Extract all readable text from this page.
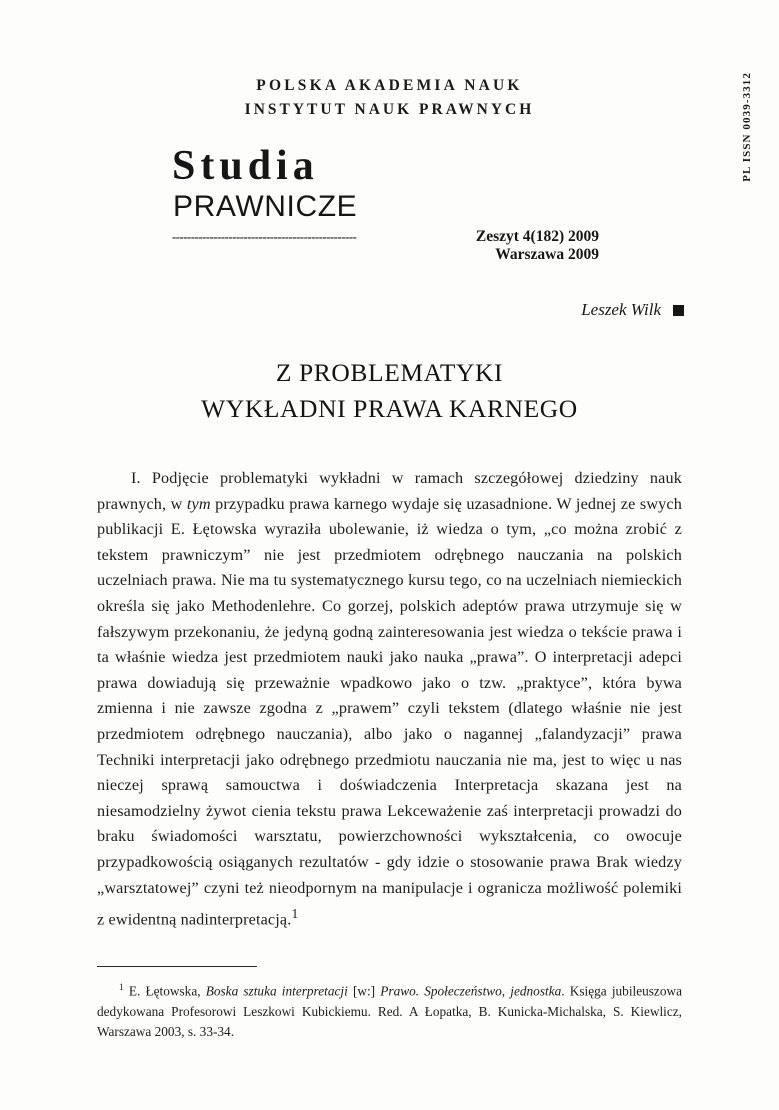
POLSKA AKADEMIA NAUK
INSTYTUT NAUK PRAWNYCH	PL ISSN 0039-3312
Studia
PRAWNICZE
-------------------------------------------------	Zeszyt 4(182) 2009
Warszawa 2009
Leszek Wilk
Z PROBLEMATYKI
WYKŁADNI PRAWA KARNEGO

I. Podjęcie problematyki wykładni w ramach szczegółowej dziedziny nauk prawnych, w tym przypadku prawa karnego wydaje się uzasadnione. W jednej ze swych publikacji E. Łętowska wyraziła ubolewanie, iż wiedza o tym, „co można zrobić z tekstem prawniczym” nie jest przedmiotem odrębnego nauczania na polskich uczelniach prawa. Nie ma tu systematycznego kursu tego, co na uczelniach niemieckich określa się jako Methodenlehre. Co gorzej, polskich adeptów prawa utrzymuje się w fałszywym przekonaniu, że jedyną godną zainteresowania jest wiedza o tekście prawa i ta właśnie wiedza jest przedmiotem nauki jako nauka „prawa”. O interpretacji adepci prawa dowiadują się przeważnie wpadkowo jako o tzw. „praktyce”, która bywa zmienna i nie zawsze zgodna z „prawem” czyli tekstem (dlatego właśnie nie jest przedmiotem odrębnego nauczania), albo jako o nagannej „falandyzacji” prawa Techniki interpretacji jako odrębnego przedmiotu nauczania nie ma, jest to więc u nas nieczej sprawą samouctwa i doświadczenia Interpretacja skazana jest na niesamodzielny żywot cienia tekstu prawa Lekceważenie zaś interpretacji prowadzi do braku świadomości warsztatu, powierzchowności wykształcenia, co owocuje przypadkowością osiąganych rezultatów - gdy idzie o stosowanie prawa Brak wiedzy „warsztatowej” czyni też nieodpornym na manipulacje i ogranicza możliwość polemiki z ewidentną nadinterpretacją.$^1$

$^1$ E. Łętowska, Boska sztuka interpretacji [w:] Prawo. Społeczeństwo, jednostka. Księga jubileuszowa dedykowana Profesorowi Leszkowi Kubickiemu. Red. A Łopatka, B. Kunicka-Michalska, S. Kiewlicz, Warszawa 2003, s. 33-34.
